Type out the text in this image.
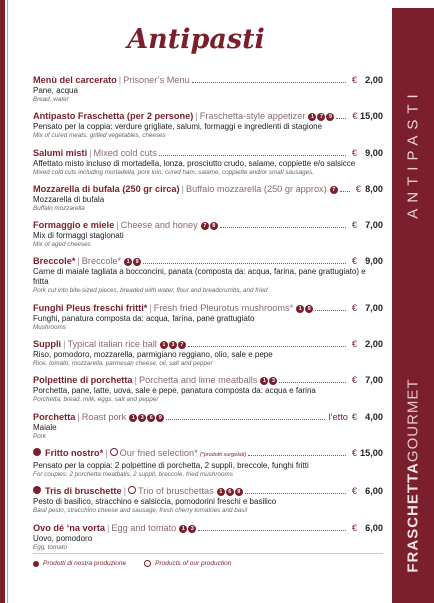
Antipasti
Menù del carcerato | Prisoner’s Menu	€ 2,00
Pane, acqua
Bread, water
Antipasto Fraschetta (per 2 persone) | Fraschetta-style appetizer 1	7	9 € 15,00
Pensato per la coppia: verdure grigliate, salumi, formaggi e ingredienti di stagione
Mix of cured meats, grilled vegetables, cheeses
Salumi misti | Mixed cold cuts	€ 9,00
Affettato misto incluso di mortadella, lonza, prosciutto crudo, salame, coppiette e/o salsicce
Mixed cold cuts including mortadella, pork loin, cured ham, salame, coppiette and/or small sausages.
Mozzarella di bufala (250 gr circa) | Buffalo mozzarella (250 gr approx) 7 € 8,00
Mozzarella di bufala
Buffalo mozzarella
Formaggio e miele | Cheese and honey 7	8	€ 7,00
Mix di formaggi stagionati
Mix of aged cheeses
Breccole* | Breccole* 1	9	€ 9,00
Carne di maiale tagliata a bocconcini, panata (composta da: acqua, farina, pane grattugiato) e fritta
Pork cut into bite-sized pieces, breaded with water, flour and breadcrumbs, and fried
Funghi Pleus freschi fritti* | Fresh fried Pleurotus mushrooms* 1	9	€ 7,00
Funghi, panatura composta da: acqua, farina, pane grattugiato
Mushrooms
Supplì | Typical italian rice ball 1	3	7	€ 2,00
Riso, pomodoro, mozzarella, parmigiano reggiano, olio, sale e pepe
Rice, tomato, mozzarella, parmesan cheese, oil, salt and pepper
Polpettine di porchetta | Porchetta and lime meatballs 1	3	€ 7,00
Porchetta, pane, latte, uova, sale e pepe, panatura composta da: acqua e farina
Porchetta, bread, milk, eggs, salt and pepper
Porchetta | Roast pork 1	3	6	9	l’etto € 4,00
Maiale
Pork
Fritto nostro* | Our fried selection* (*prodotti surgelati)	€ 15,00
Pensato per la coppia: 2 polpettine di porchetta, 2 supplì, breccole, funghi fritti
For couples: 2 porchetta meatballs, 2 supplì, breccole, fried mushrooms
Tris di bruschette | Trio of bruschettas 1	6	9	€ 6,00
Pesto di basilico, stracchino e salsiccia, pomodorini freschi e basilico
Basil pesto, stracchino cheese and sausage, fresh cherry tomatoes and basil
Ovo dé ‘na vorta | Egg and tomato 1	3	€ 6,00
Uovo, pomodoro
Egg, tomato
Prodotti di nostra produzione	Products of our production
ANTIPASTI
FRASCHETTAGOURMET
